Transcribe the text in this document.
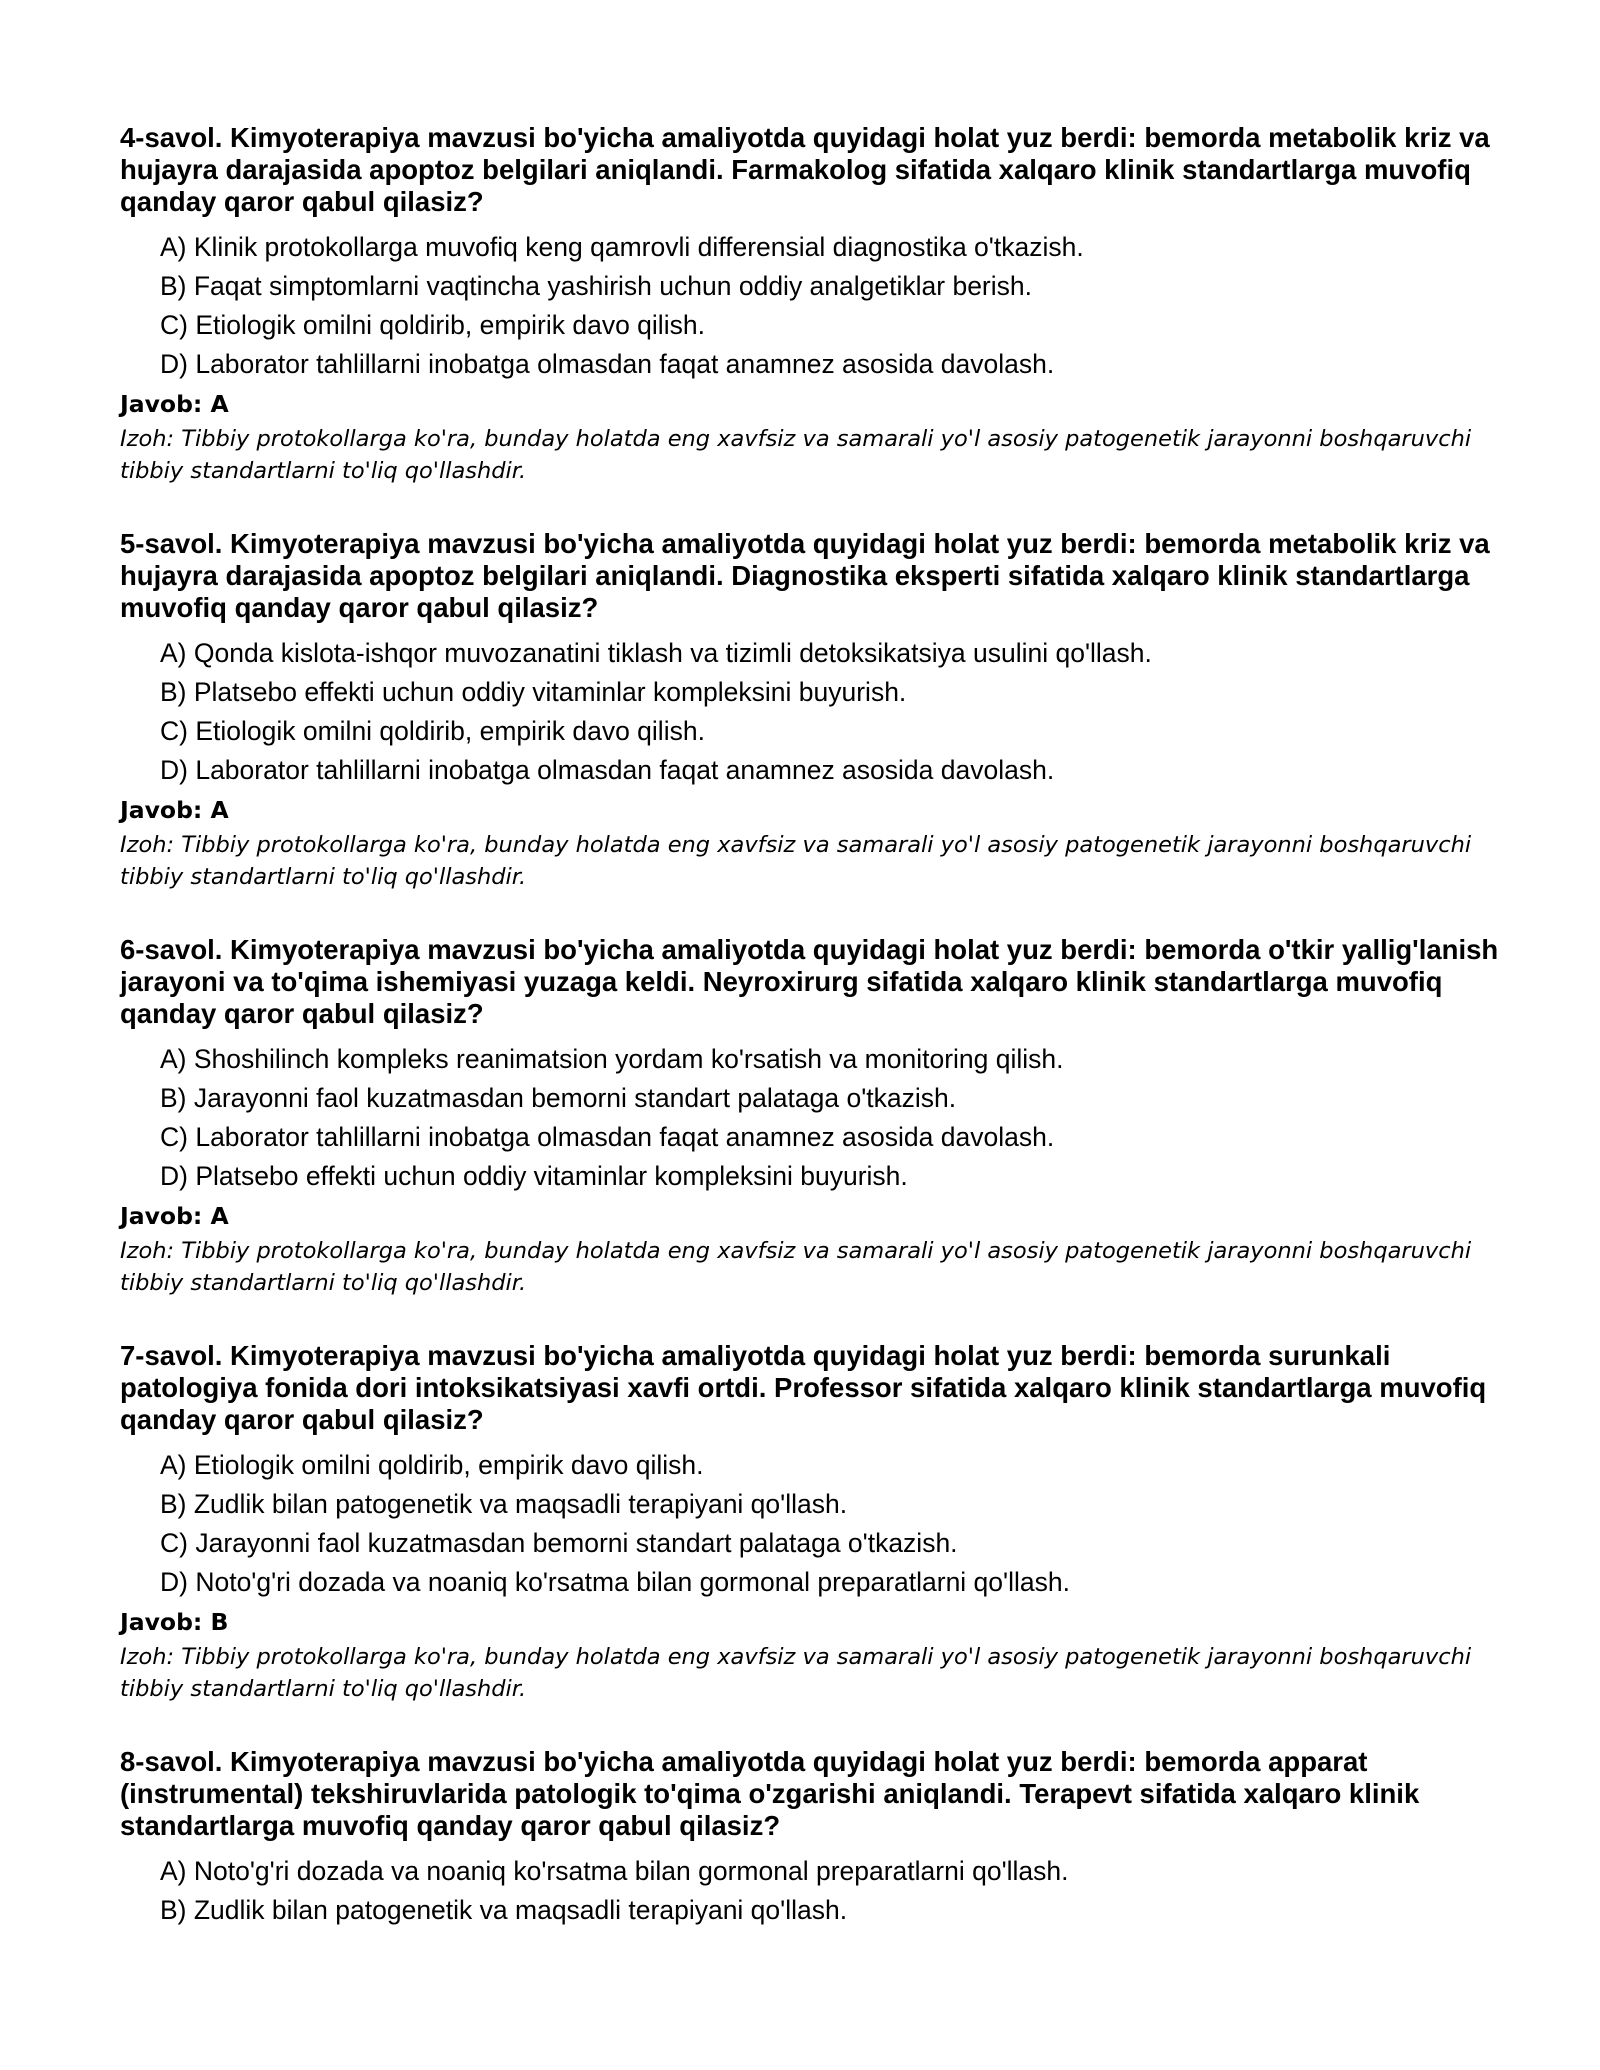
4-savol. Kimyoterapiya mavzusi bo'yicha amaliyotda quyidagi holat yuz berdi: bemorda metabolik kriz va hujayra darajasida apoptoz belgilari aniqlandi. Farmakolog sifatida xalqaro klinik standartlarga muvofiq qanday qaror qabul qilasiz?
A) Klinik protokollarga muvofiq keng qamrovli differensial diagnostika o'tkazish.
B) Faqat simptomlarni vaqtincha yashirish uchun oddiy analgetiklar berish.
C) Etiologik omilni qoldirib, empirik davo qilish.
D) Laborator tahlillarni inobatga olmasdan faqat anamnez asosida davolash.
Javob: A
Izoh: Tibbiy protokollarga ko'ra, bunday holatda eng xavfsiz va samarali yo'l asosiy patogenetik jarayonni boshqaruvchi tibbiy standartlarni to'liq qo'llashdir.
5-savol. Kimyoterapiya mavzusi bo'yicha amaliyotda quyidagi holat yuz berdi: bemorda metabolik kriz va hujayra darajasida apoptoz belgilari aniqlandi. Diagnostika eksperti sifatida xalqaro klinik standartlarga muvofiq qanday qaror qabul qilasiz?
A) Qonda kislota-ishqor muvozanatini tiklash va tizimli detoksikatsiya usulini qo'llash.
B) Platsebo effekti uchun oddiy vitaminlar kompleksini buyurish.
C) Etiologik omilni qoldirib, empirik davo qilish.
D) Laborator tahlillarni inobatga olmasdan faqat anamnez asosida davolash.
Javob: A
Izoh: Tibbiy protokollarga ko'ra, bunday holatda eng xavfsiz va samarali yo'l asosiy patogenetik jarayonni boshqaruvchi tibbiy standartlarni to'liq qo'llashdir.
6-savol. Kimyoterapiya mavzusi bo'yicha amaliyotda quyidagi holat yuz berdi: bemorda o'tkir yallig'lanish jarayoni va to'qima ishemiyasi yuzaga keldi. Neyroxirurg sifatida xalqaro klinik standartlarga muvofiq qanday qaror qabul qilasiz?
A) Shoshilinch kompleks reanimatsion yordam ko'rsatish va monitoring qilish.
B) Jarayonni faol kuzatmasdan bemorni standart palataga o'tkazish.
C) Laborator tahlillarni inobatga olmasdan faqat anamnez asosida davolash.
D) Platsebo effekti uchun oddiy vitaminlar kompleksini buyurish.
Javob: A
Izoh: Tibbiy protokollarga ko'ra, bunday holatda eng xavfsiz va samarali yo'l asosiy patogenetik jarayonni boshqaruvchi tibbiy standartlarni to'liq qo'llashdir.
7-savol. Kimyoterapiya mavzusi bo'yicha amaliyotda quyidagi holat yuz berdi: bemorda surunkali patologiya fonida dori intoksikatsiyasi xavfi ortdi. Professor sifatida xalqaro klinik standartlarga muvofiq qanday qaror qabul qilasiz?
A) Etiologik omilni qoldirib, empirik davo qilish.
B) Zudlik bilan patogenetik va maqsadli terapiyani qo'llash.
C) Jarayonni faol kuzatmasdan bemorni standart palataga o'tkazish.
D) Noto'g'ri dozada va noaniq ko'rsatma bilan gormonal preparatlarni qo'llash.
Javob: B
Izoh: Tibbiy protokollarga ko'ra, bunday holatda eng xavfsiz va samarali yo'l asosiy patogenetik jarayonni boshqaruvchi tibbiy standartlarni to'liq qo'llashdir.
8-savol. Kimyoterapiya mavzusi bo'yicha amaliyotda quyidagi holat yuz berdi: bemorda apparat (instrumental) tekshiruvlarida patologik to'qima o'zgarishi aniqlandi. Terapevt sifatida xalqaro klinik standartlarga muvofiq qanday qaror qabul qilasiz?
A) Noto'g'ri dozada va noaniq ko'rsatma bilan gormonal preparatlarni qo'llash.
B) Zudlik bilan patogenetik va maqsadli terapiyani qo'llash.
